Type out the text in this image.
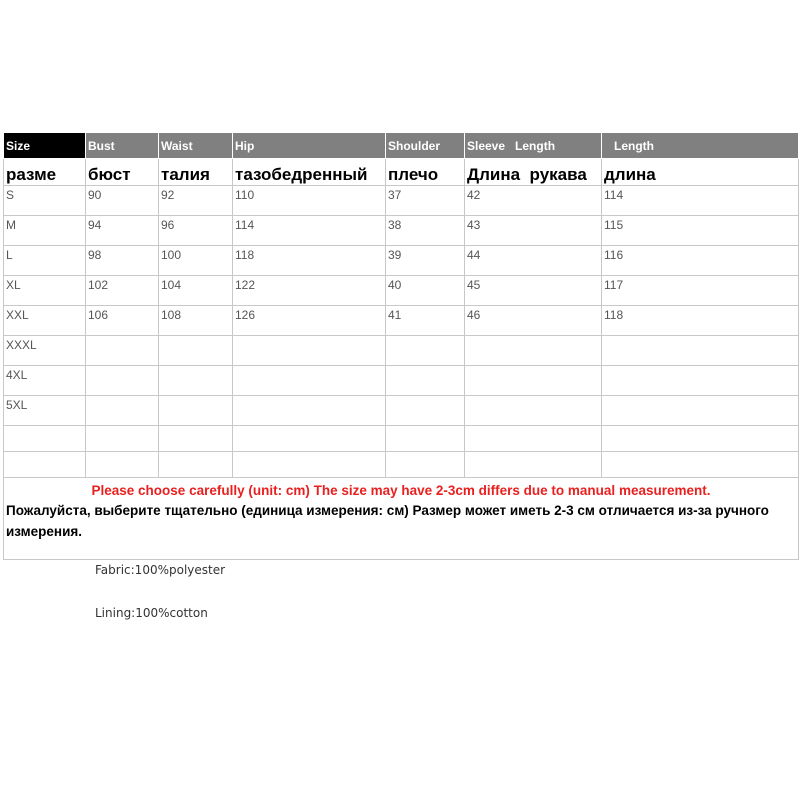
Size	Bust	Waist	Hip	Shoulder	Sleeve   Length	Length
разме	бюст	талия	тазобедренный	плечо	Длина  рукава	длина
S	90	92	110	37	42	114
M	94	96	114	38	43	115
L	98	100	118	39	44	116
XL	102	104	122	40	45	117
XXL	106	108	126	41	46	118
XXXL						
4XL						
5XL						

Please choose carefully (unit: cm) The size may have 2-3cm differs due to manual measurement.
Пожалуйста, выберите тщательно (единица измерения: см) Размер может иметь 2-3 см отличается из-за ручного измерения.						
Fabric:100%polyester
Lining:100%cotton
